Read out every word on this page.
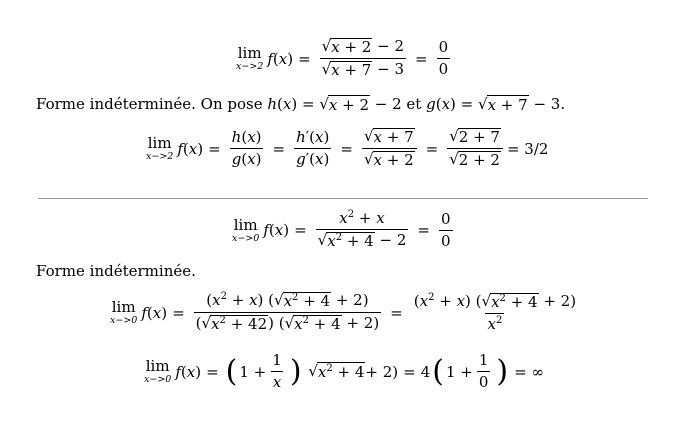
lim
x−>2 f ( x ) = $\frac{√ x + 2 - 2}{√ x + 7 - 3} = \frac{0}{0}$
Forme indéterminée. On pose h(x) = √ x + 2 − 2 et g(x) = √ x + 7 − 3.
lim
x−>2 f ( x ) = $\frac{h(x)}{g(x)} = \frac{h'(x)}{g'(x)} = \frac{√ x + 7}{√ x + 2} = \frac{√ 2 + 7}{√ 2 + 2} = 3/2$
lim
x−>0 f ( x ) = $\frac{x^2 + x}{√ x^2 + 4 - 2} = \frac{0}{0}$
Forme indéterminée.
lim
x−>0 f ( x ) = $\frac{(x^2 + x) ( √ x^2 + 4 + 2)}{( √ x^2 + 42 ) ( √ x^2 + 4 + 2)} = \frac{(x^2 + x) ( √ x^2 + 4 + 2)}{x^2}$
lim
x−>0 f ( x ) = ( $1 + \frac{1}{x}$ )
√ $x^2 + 4 + 2) = 4$ ( $1 + \frac{1}{0}$ ) = ∞
